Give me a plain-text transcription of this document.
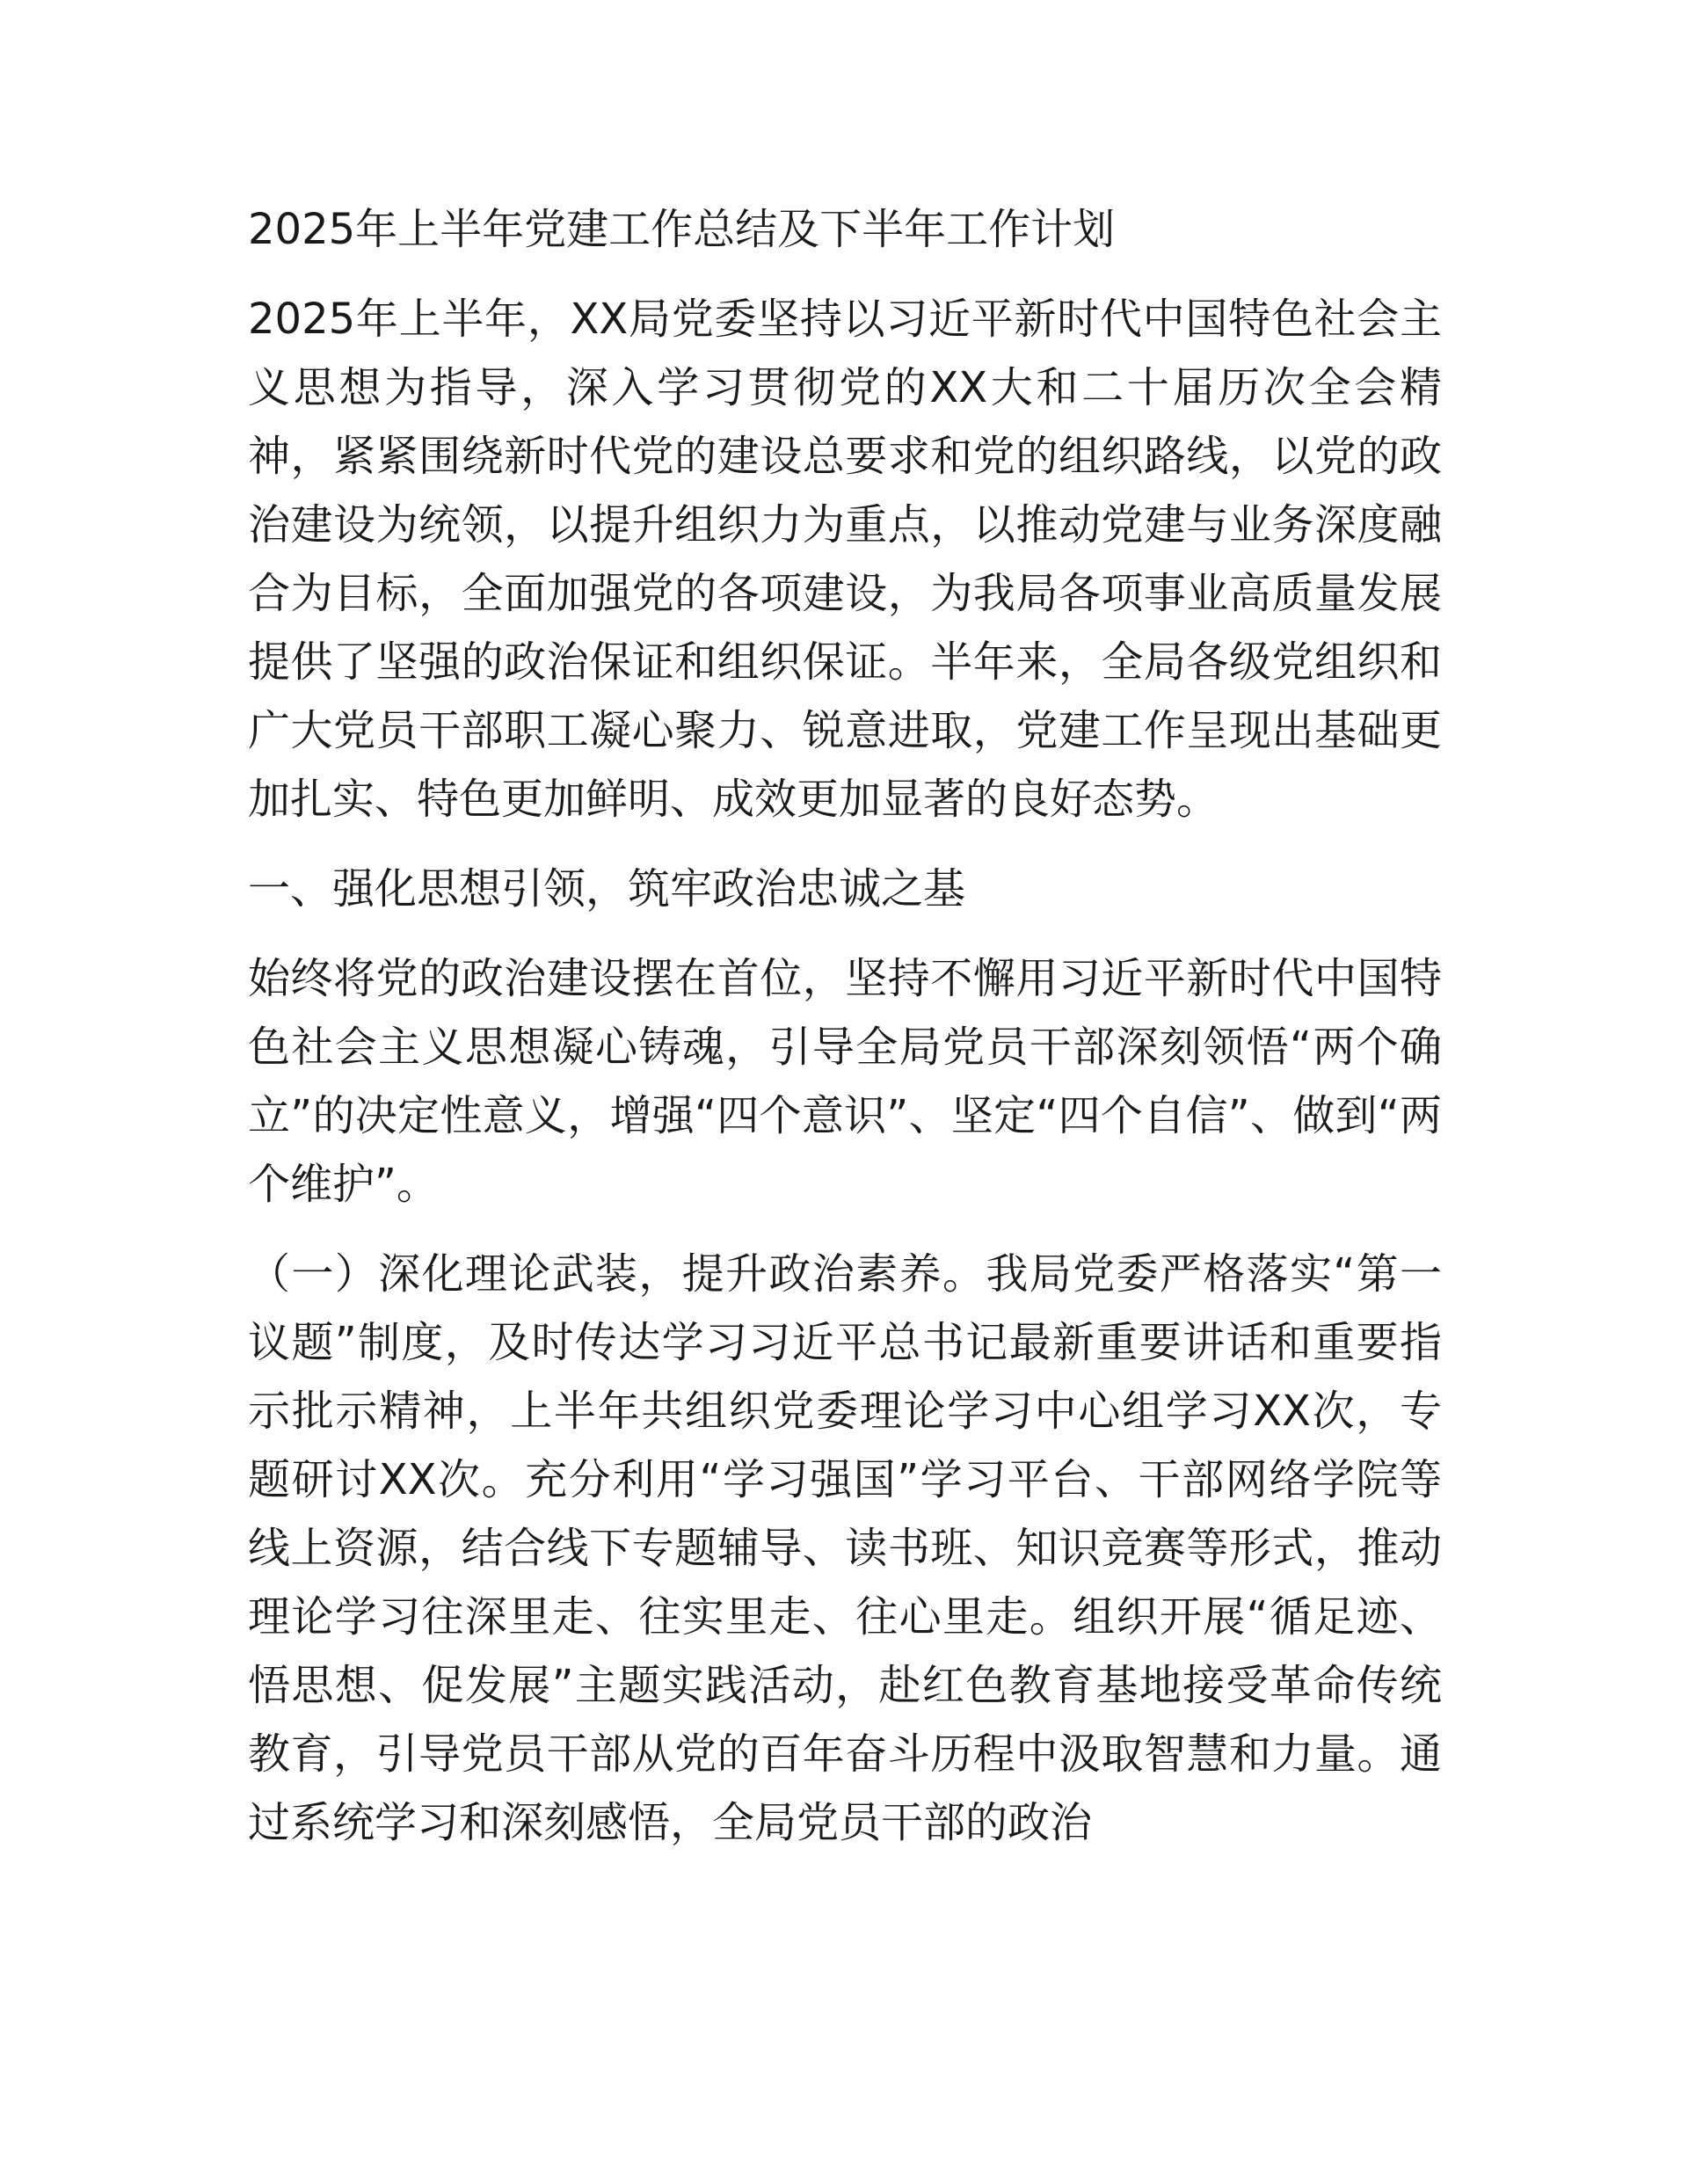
2025年上半年党建工作总结及下半年工作计划

2025年上半年，XX局党委坚持以习近平新时代中国特色社会主义思想为指导，深入学习贯彻党的XX大和二十届历次全会精神，紧紧围绕新时代党的建设总要求和党的组织路线，以党的政治建设为统领，以提升组织力为重点，以推动党建与业务深度融合为目标，全面加强党的各项建设，为我局各项事业高质量发展提供了坚强的政治保证和组织保证。半年来，全局各级党组织和广大党员干部职工凝心聚力、锐意进取，党建工作呈现出基础更加扎实、特色更加鲜明、成效更加显著的良好态势。

一、强化思想引领，筑牢政治忠诚之基

始终将党的政治建设摆在首位，坚持不懈用习近平新时代中国特色社会主义思想凝心铸魂，引导全局党员干部深刻领悟“两个确立”的决定性意义，增强“四个意识”、坚定“四个自信”、做到“两个维护”。

（一）深化理论武装，提升政治素养。我局党委严格落实“第一议题”制度，及时传达学习习近平总书记最新重要讲话和重要指示批示精神，上半年共组织党委理论学习中心组学习XX次，专题研讨XX次。充分利用“学习强国”学习平台、干部网络学院等线上资源，结合线下专题辅导、读书班、知识竞赛等形式，推动理论学习往深里走、往实里走、往心里走。组织开展“循足迹、悟思想、促发展”主题实践活动，赴红色教育基地接受革命传统教育，引导党员干部从党的百年奋斗历程中汲取智慧和力量。通过系统学习和深刻感悟，全局党员干部的政治
